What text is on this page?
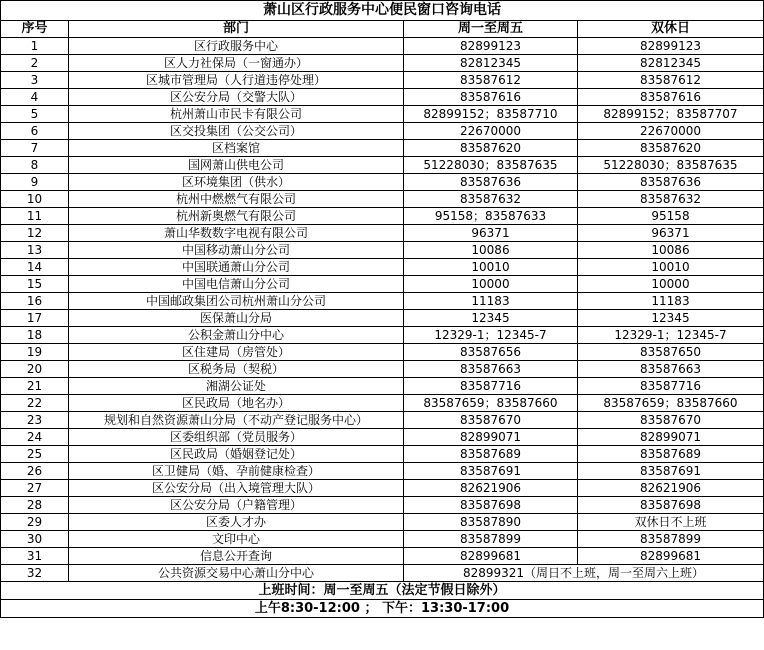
萧山区行政服务中心便民窗口咨询电话			
序号	部门	周一至周五	双休日
1	区行政服务中心	82899123	82899123
2	区人力社保局（一窗通办）	82812345	82812345
3	区城市管理局（人行道违停处理）	83587612	83587612
4	区公安分局（交警大队）	83587616	83587616
5	杭州萧山市民卡有限公司	82899152；83587710	82899152；83587707
6	区交投集团（公交公司）	22670000	22670000
7	区档案馆	83587620	83587620
8	国网萧山供电公司	51228030；83587635	51228030；83587635
9	区环境集团（供水）	83587636	83587636
10	杭州中燃燃气有限公司	83587632	83587632
11	杭州新奥燃气有限公司	95158；83587633	95158
12	萧山华数数字电视有限公司	96371	96371
13	中国移动萧山分公司	10086	10086
14	中国联通萧山分公司	10010	10010
15	中国电信萧山分公司	10000	10000
16	中国邮政集团公司杭州萧山分公司	11183	11183
17	医保萧山分局	12345	12345
18	公积金萧山分中心	12329-1；12345-7	12329-1；12345-7
19	区住建局（房管处）	83587656	83587650
20	区税务局（契税）	83587663	83587663
21	湘湖公证处	83587716	83587716
22	区民政局（地名办）	83587659；83587660	83587659；83587660
23	规划和自然资源萧山分局（不动产登记服务中心）	83587670	83587670
24	区委组织部（党员服务）	82899071	82899071
25	区民政局（婚姻登记处）	83587689	83587689
26	区卫健局（婚、孕前健康检查）	83587691	83587691
27	区公安分局（出入境管理大队）	82621906	82621906
28	区公安分局（户籍管理）	83587698	83587698
29	区委人才办	83587890	双休日不上班
30	文印中心	83587899	83587899
31	信息公开查询	82899681	82899681
32	公共资源交易中心萧山分中心	82899321（周日不上班，周一至周六上班）	
上班时间：周一至周五（法定节假日除外）			
上午8:30-12:00 ； 下午：13:30-17:00			
